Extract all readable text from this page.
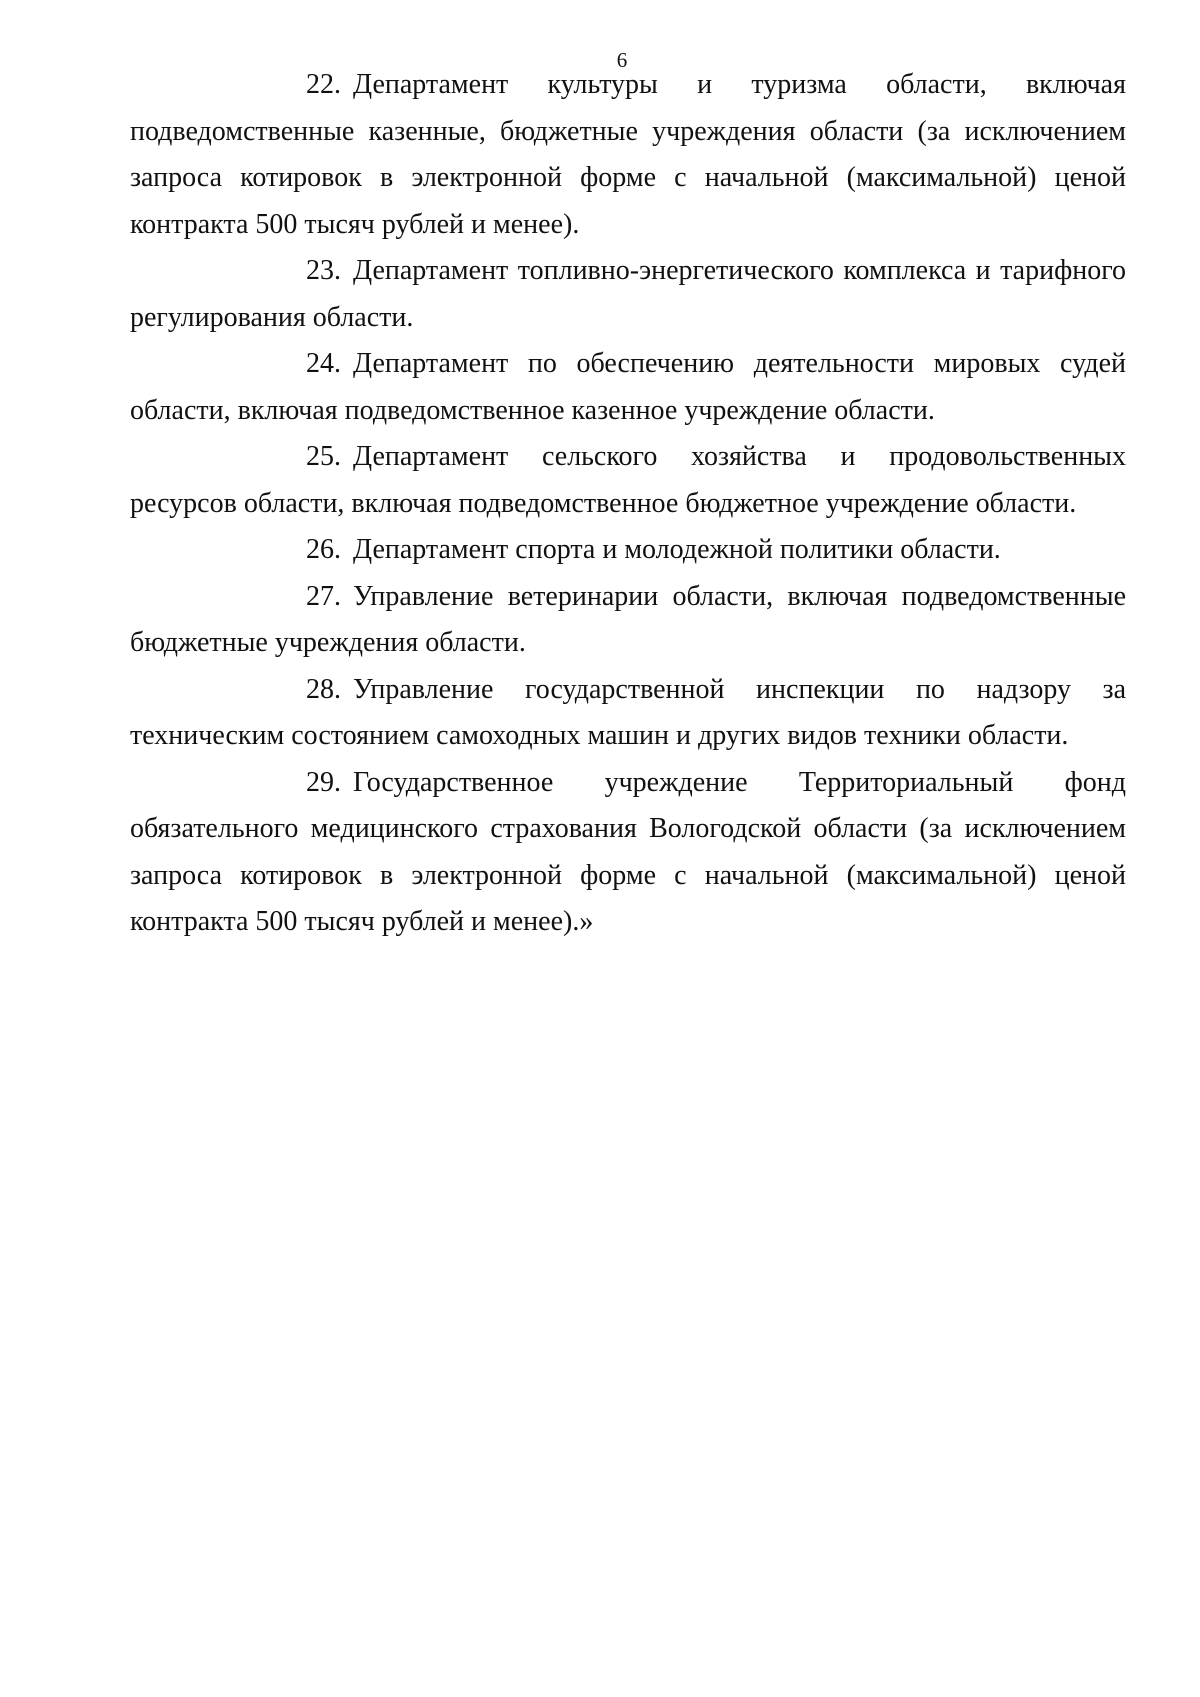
6

22. Департамент культуры и туризма области, включая подведомственные казенные, бюджетные учреждения области (за исключением запроса котировок в электронной форме с начальной (максимальной) ценой контракта 500 тысяч рублей и менее).

23. Департамент топливно-энергетического комплекса и тарифного регулирования области.

24. Департамент по обеспечению деятельности мировых судей области, включая подведомственное казенное учреждение области.

25. Департамент сельского хозяйства и продовольственных ресурсов области, включая подведомственное бюджетное учреждение области.

26. Департамент спорта и молодежной политики области.

27. Управление ветеринарии области, включая подведомственные бюджетные учреждения области.

28. Управление государственной инспекции по надзору за техническим состоянием самоходных машин и других видов техники области.

29. Государственное учреждение Территориальный фонд обязательного медицинского страхования Вологодской области (за исключением запроса котировок в электронной форме с начальной (максимальной) ценой контракта 500 тысяч рублей и менее).»
